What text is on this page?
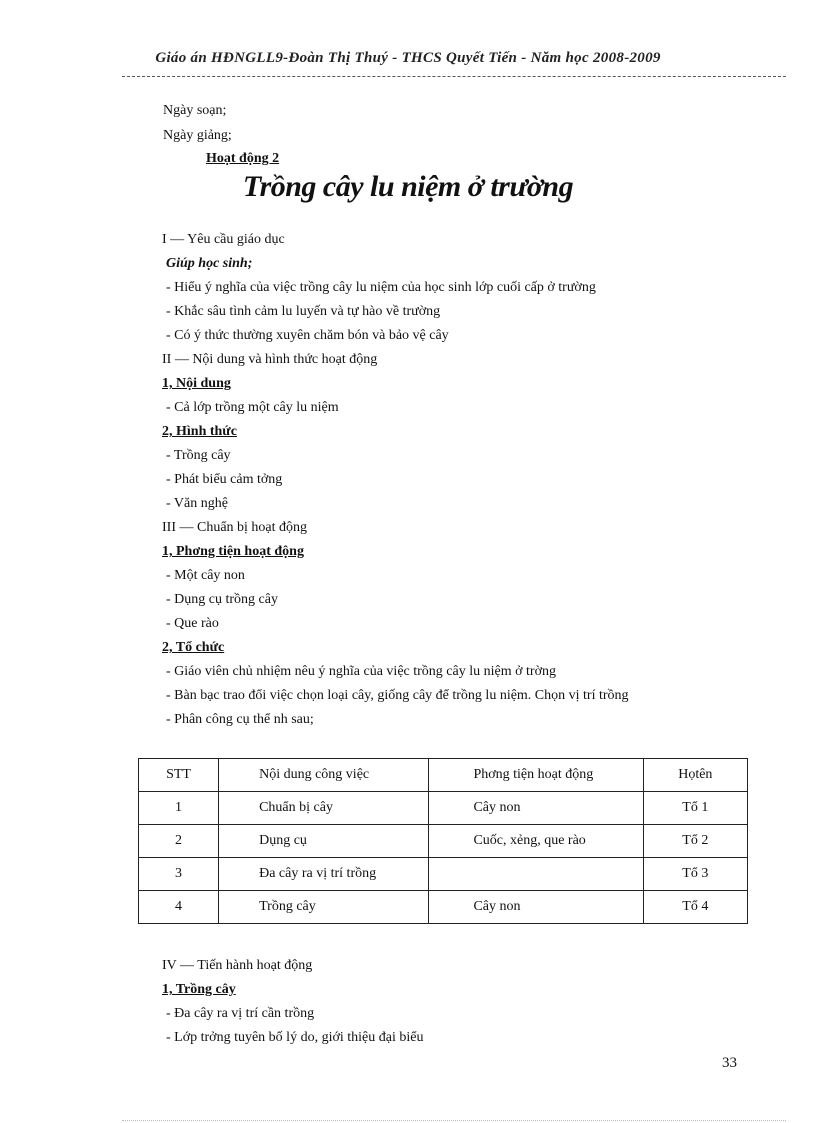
Giáo án HĐNGLL9-Đoàn Thị Thuý - THCS Quyết Tiến - Năm học 2008-2009
Ngày soạn;
Ngày giảng;
Hoạt động 2
Trồng cây lu niệm ở trường
I — Yêu cầu giáo dục
Giúp học sinh;
- Hiểu ý nghĩa của việc trồng cây lu niệm của học sinh lớp cuối cấp ở trường
- Khắc sâu tình cảm lu luyến và tự hào về trường
- Có ý thức thường xuyên chăm bón và bảo vệ cây
II — Nội dung và hình thức hoạt động
1, Nội dung
- Cả lớp trồng một cây lu niệm
2, Hình thức
- Trồng cây
- Phát biểu cảm tởng
- Văn nghệ
III — Chuẩn bị hoạt động
1, Phơng tiện hoạt động
- Một cây non
- Dụng cụ trồng cây
- Que rào
2, Tổ chức
- Giáo viên chủ nhiệm nêu ý nghĩa của việc trồng cây lu niệm ở trờng
- Bàn bạc trao đổi việc chọn loại cây, giống cây để trồng lu niệm. Chọn vị trí trồng
- Phân công cụ thể nh sau;
STT	Nội dung công việc	Phơng tiện hoạt động	Họtên
1	Chuẩn bị cây	Cây non	Tổ 1
2	Dụng cụ	Cuốc, xẻng, que rào	Tổ 2
3	Đa cây ra vị trí trồng		Tổ 3
4	Trồng cây	Cây non	Tổ 4
IV — Tiến hành hoạt động
1, Trồng cây
- Đa cây ra vị trí cần trồng
- Lớp trởng tuyên bố lý do, giới thiệu đại biểu
33
